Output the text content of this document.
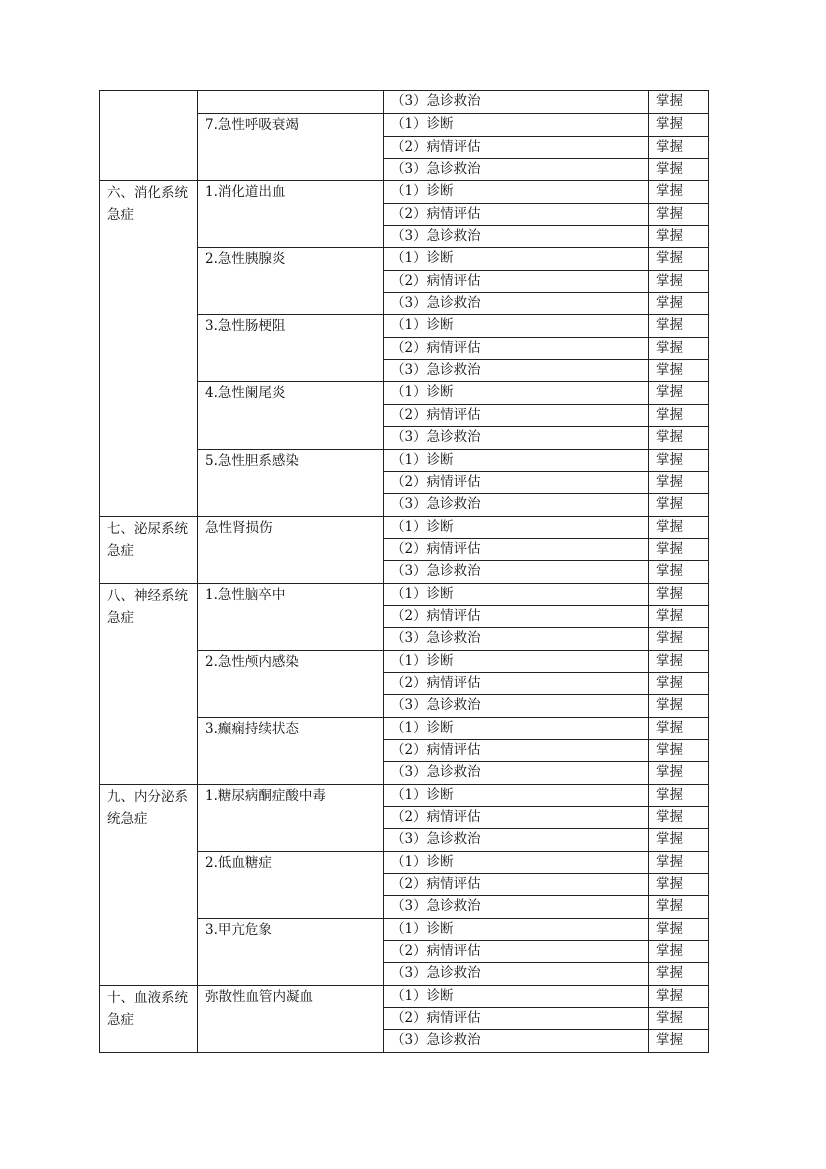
		（3）急诊救治	掌握
	7.急性呼吸衰竭	（1）诊断	掌握
		（2）病情评估	掌握
		（3）急诊救治	掌握
六、消化系统急症	1.消化道出血	（1）诊断	掌握
		（2）病情评估	掌握
		（3）急诊救治	掌握
	2.急性胰腺炎	（1）诊断	掌握
		（2）病情评估	掌握
		（3）急诊救治	掌握
	3.急性肠梗阻	（1）诊断	掌握
		（2）病情评估	掌握
		（3）急诊救治	掌握
	4.急性阑尾炎	（1）诊断	掌握
		（2）病情评估	掌握
		（3）急诊救治	掌握
	5.急性胆系感染	（1）诊断	掌握
		（2）病情评估	掌握
		（3）急诊救治	掌握
七、泌尿系统急症	急性肾损伤	（1）诊断	掌握
		（2）病情评估	掌握
		（3）急诊救治	掌握
八、神经系统急症	1.急性脑卒中	（1）诊断	掌握
		（2）病情评估	掌握
		（3）急诊救治	掌握
	2.急性颅内感染	（1）诊断	掌握
		（2）病情评估	掌握
		（3）急诊救治	掌握
	3.癫痫持续状态	（1）诊断	掌握
		（2）病情评估	掌握
		（3）急诊救治	掌握
九、内分泌系统急症	1.糖尿病酮症酸中毒	（1）诊断	掌握
		（2）病情评估	掌握
		（3）急诊救治	掌握
	2.低血糖症	（1）诊断	掌握
		（2）病情评估	掌握
		（3）急诊救治	掌握
	3.甲亢危象	（1）诊断	掌握
		（2）病情评估	掌握
		（3）急诊救治	掌握
十、血液系统急症	弥散性血管内凝血	（1）诊断	掌握
		（2）病情评估	掌握
		（3）急诊救治	掌握
